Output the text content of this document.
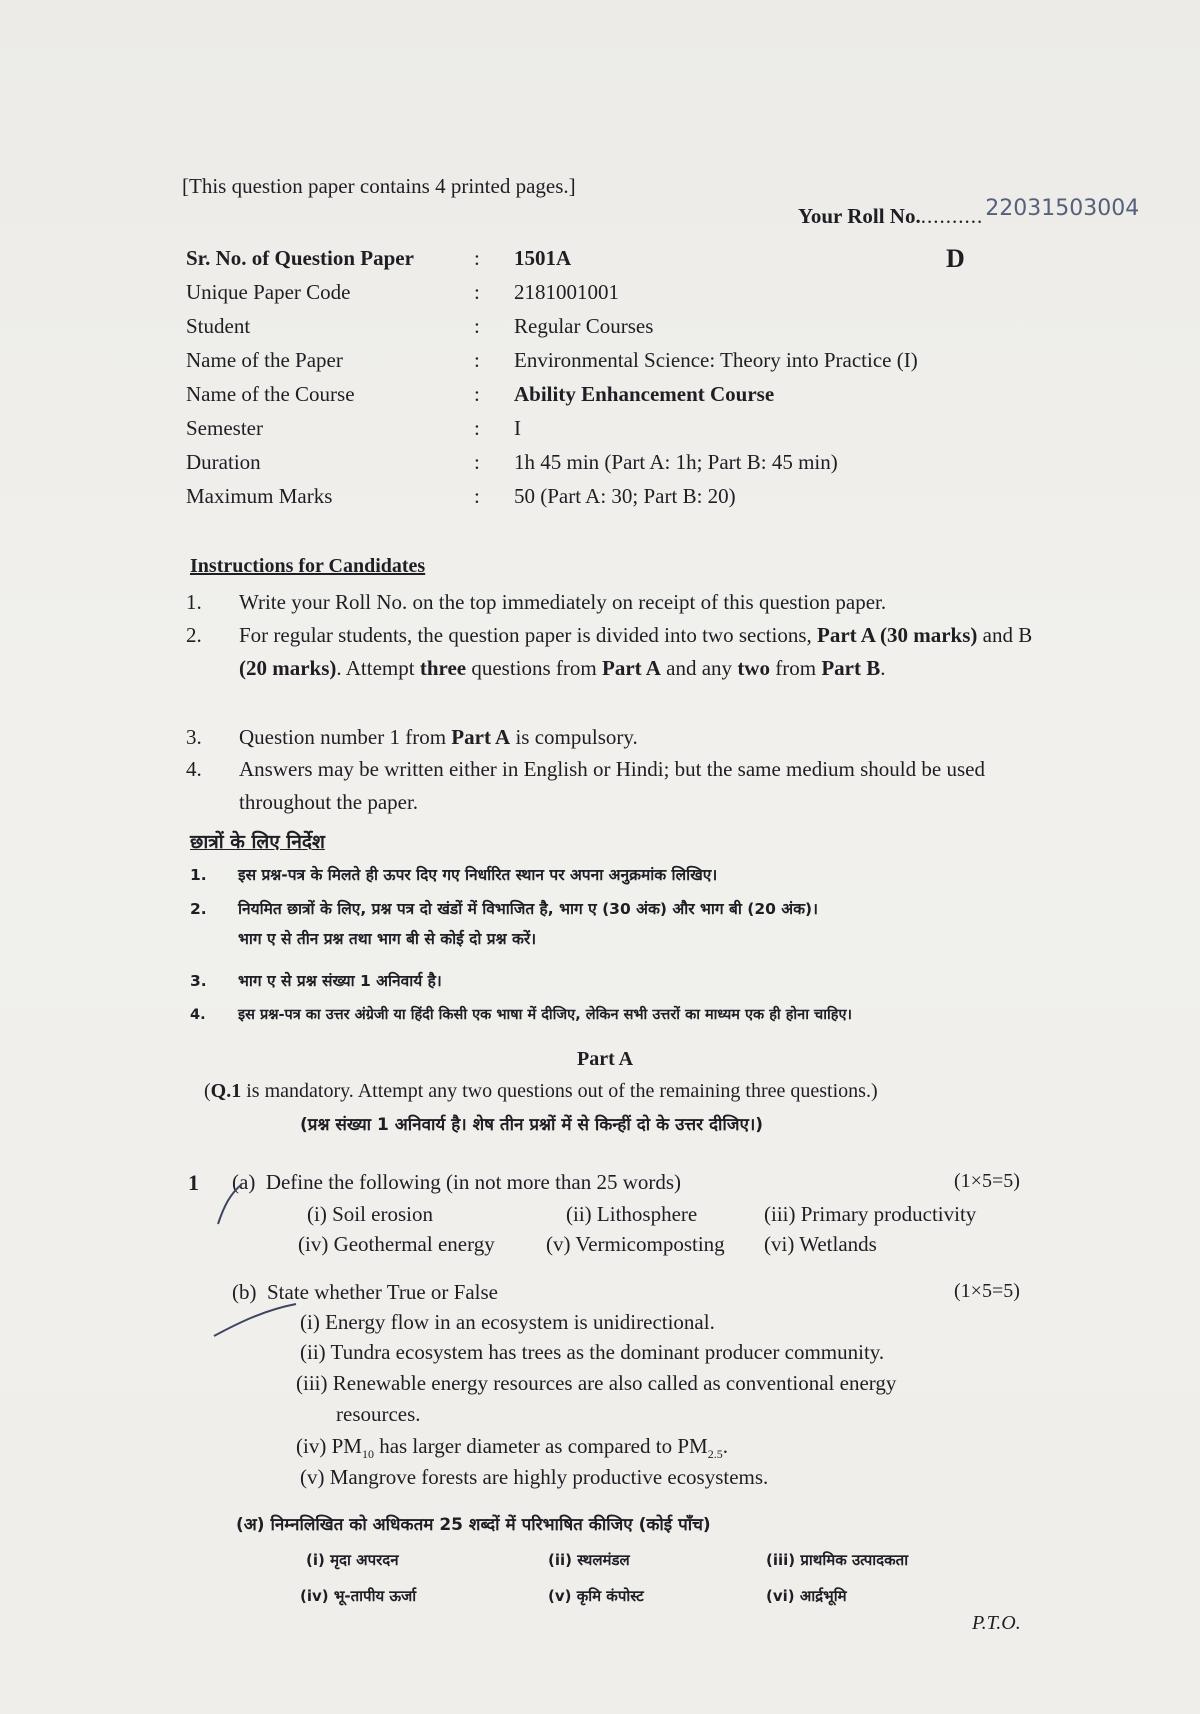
[This question paper contains 4 printed pages.]
Your Roll No...........22031503004
D
Sr. No. of Question Paper	: 1501A
Unique Paper Code	: 2181001001
Student	: Regular Courses
Name of the Paper	: Environmental Science: Theory into Practice (I)
Name of the Course	: Ability Enhancement Course
Semester	: I
Duration	: 1h 45 min (Part A: 1h; Part B: 45 min)
Maximum Marks	: 50 (Part A: 30; Part B: 20)
Instructions for Candidates
1. Write your Roll No. on the top immediately on receipt of this question paper.
2. For regular students, the question paper is divided into two sections, Part A (30 marks) and B (20 marks). Attempt three questions from Part A and any two from Part B.
3. Question number 1 from Part A is compulsory.
4. Answers may be written either in English or Hindi; but the same medium should be used throughout the paper.
छात्रों के लिए निर्देश
1. इस प्रश्न-पत्र के मिलते ही ऊपर दिए गए निर्धारित स्थान पर अपना अनुक्रमांक लिखिए।
2. नियमित छात्रों के लिए, प्रश्न पत्र दो खंडों में विभाजित है, भाग ए (30 अंक) और भाग बी (20 अंक)।
भाग ए से तीन प्रश्न तथा भाग बी से कोई दो प्रश्न करें।
3. भाग ए से प्रश्न संख्या 1 अनिवार्य है।
4. इस प्रश्न-पत्र का उत्तर अंग्रेजी या हिंदी किसी एक भाषा में दीजिए, लेकिन सभी उत्तरों का माध्यम एक ही होना चाहिए।
Part A
(Q.1 is mandatory. Attempt any two questions out of the remaining three questions.)
(प्रश्न संख्या 1 अनिवार्य है। शेष तीन प्रश्नों में से किन्हीं दो के उत्तर दीजिए।)
1 (a) Define the following (in not more than 25 words)	(1×5=5)
(i) Soil erosion	(ii) Lithosphere	(iii) Primary productivity
(iv) Geothermal energy (v) Vermicomposting (vi) Wetlands
(b) State whether True or False	(1×5=5)
(i) Energy flow in an ecosystem is unidirectional.
(ii) Tundra ecosystem has trees as the dominant producer community.
(iii) Renewable energy resources are also called as conventional energy
resources.
(iv) $PM_{10}$ has larger diameter as compared to $PM_{2.5}$.
(v) Mangrove forests are highly productive ecosystems.
(अ) निम्नलिखित को अधिकतम 25 शब्दों में परिभाषित कीजिए (कोई पाँच)
(i) मृदा अपरदन	(ii) स्थलमंडल	(iii) प्राथमिक उत्पादकता
(iv) भू-तापीय ऊर्जा	(v) कृमि कंपोस्ट	(vi) आर्द्रभूमि
P.T.O.
